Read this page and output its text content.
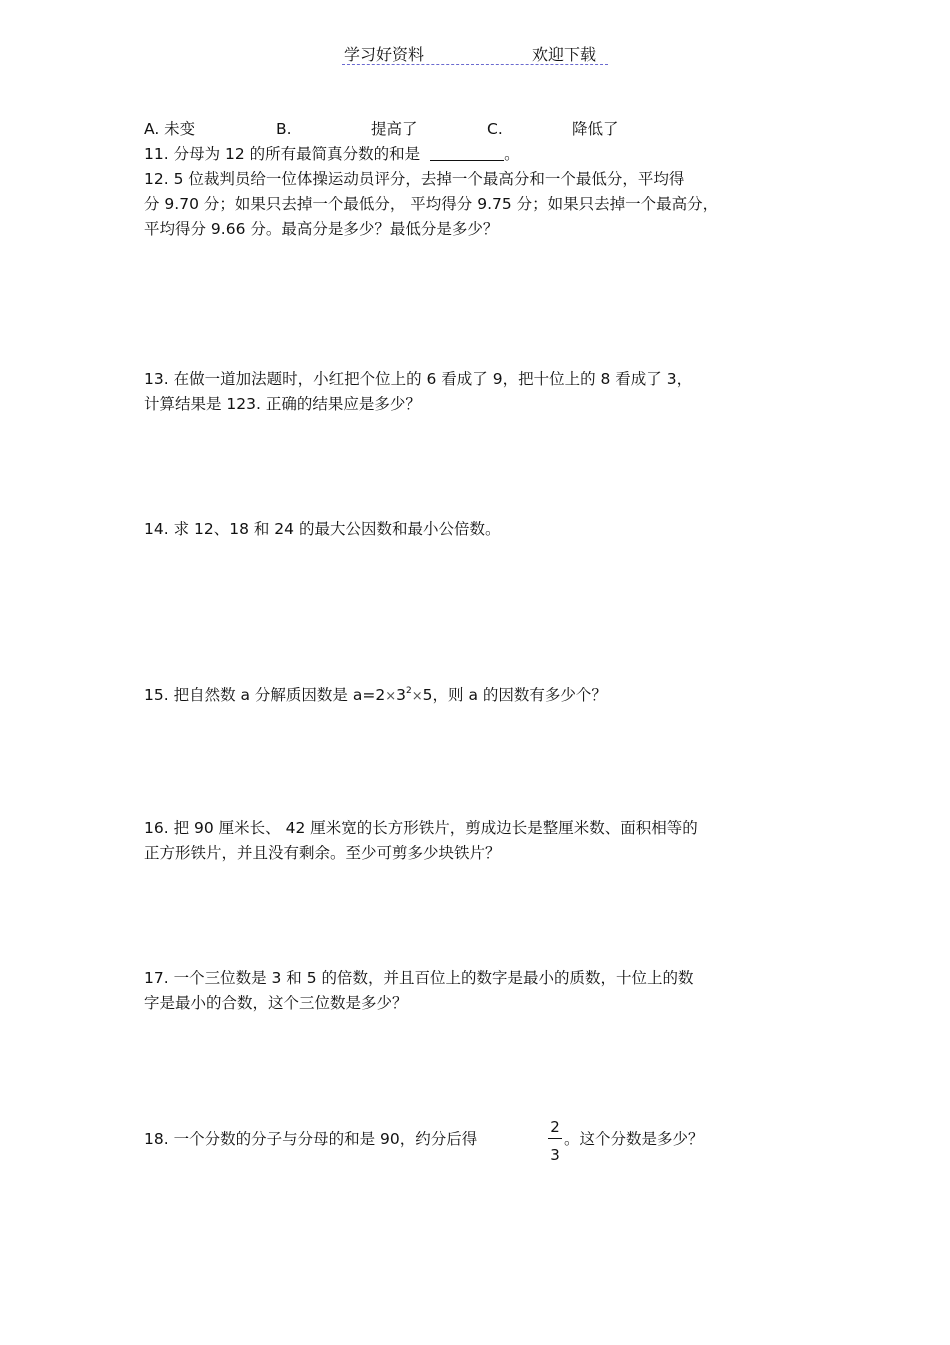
学习好资料	欢迎下载
A. 未变	B.	提高了	C.	降低了
11. 分母为 12 的所有最简真分数的和是	。
12. 5 位裁判员给一位体操运动员评分，去掉一个最高分和一个最低分，平均得
分 9.70 分；如果只去掉一个最低分， 平均得分 9.75 分；如果只去掉一个最高分，
平均得分 9.66 分。最高分是多少？最低分是多少？
13. 在做一道加法题时，小红把个位上的 6 看成了 9，把十位上的 8 看成了 3，
计算结果是 123. 正确的结果应是多少？
14. 求 12、18 和 24 的最大公因数和最小公倍数。
15. 把自然数 a 分解质因数是 $a=2\times 3^2\times 5$，则 a 的因数有多少个？
16. 把 90 厘米长、 42 厘米宽的长方形铁片，剪成边长是整厘米数、面积相等的
正方形铁片，并且没有剩余。至少可剪多少块铁片？
17. 一个三位数是 3 和 5 的倍数，并且百位上的数字是最小的质数，十位上的数
字是最小的合数，这个三位数是多少？
18. 一个分数的分子与分母的和是 90，约分后得
2
3
。这个分数是多少？
